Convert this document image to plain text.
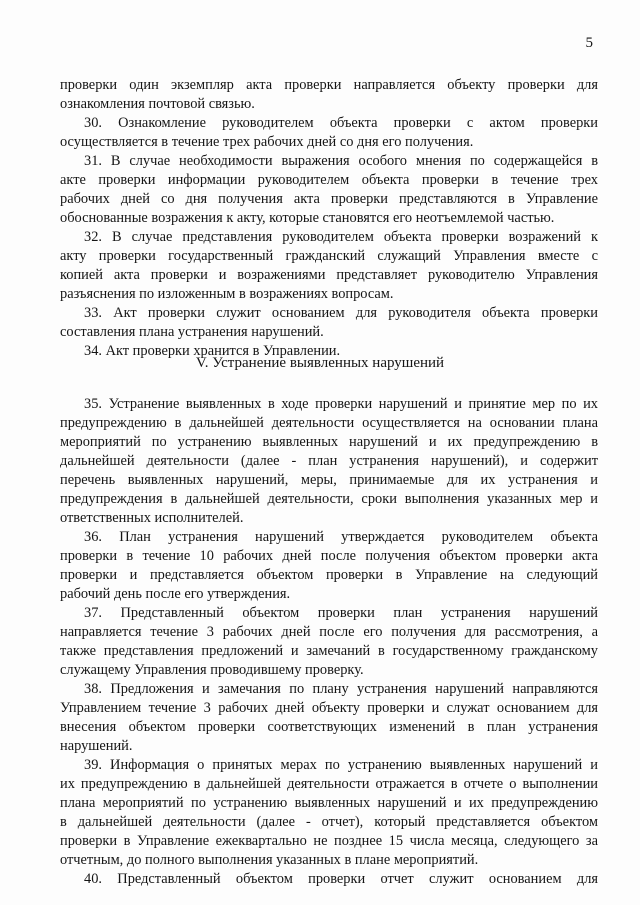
5
проверки один экземпляр акта проверки направляется объекту проверки для
ознакомления почтовой связью.
30. Ознакомление руководителем объекта проверки с актом проверки
осуществляется в течение трех рабочих дней со дня его получения.
31. В случае необходимости выражения особого мнения по содержащейся в
акте проверки информации руководителем объекта проверки в течение трех
рабочих дней со дня получения акта проверки представляются в Управление
обоснованные возражения к акту, которые становятся его неотъемлемой частью.
32. В случае представления руководителем объекта проверки возражений к
акту проверки государственный гражданский служащий Управления вместе с
копией акта проверки и возражениями представляет руководителю Управления
разъяснения по изложенным в возражениях вопросам.
33. Акт проверки служит основанием для руководителя объекта проверки
составления плана устранения нарушений.
34. Акт проверки хранится в Управлении.
V. Устранение выявленных нарушений
35. Устранение выявленных в ходе проверки нарушений и принятие мер по их
предупреждению в дальнейшей деятельности осуществляется на основании плана
мероприятий по устранению выявленных нарушений и их предупреждению в
дальнейшей деятельности (далее - план устранения нарушений), и содержит
перечень выявленных нарушений, меры, принимаемые для их устранения и
предупреждения в дальнейшей деятельности, сроки выполнения указанных мер и
ответственных исполнителей.
36. План устранения нарушений утверждается руководителем объекта
проверки в течение 10 рабочих дней после получения объектом проверки акта
проверки и представляется объектом проверки в Управление на следующий
рабочий день после его утверждения.
37. Представленный объектом проверки план устранения нарушений
направляется течение 3 рабочих дней после его получения для рассмотрения, а
также представления предложений и замечаний в государственному гражданскому
служащему Управления проводившему проверку.
38. Предложения и замечания по плану устранения нарушений направляются
Управлением течение 3 рабочих дней объекту проверки и служат основанием для
внесения объектом проверки соответствующих изменений в план устранения
нарушений.
39. Информация о принятых мерах по устранению выявленных нарушений и
их предупреждению в дальнейшей деятельности отражается в отчете о выполнении
плана мероприятий по устранению выявленных нарушений и их предупреждению
в дальнейшей деятельности (далее - отчет), который представляется объектом
проверки в Управление ежеквартально не позднее 15 числа месяца, следующего за
отчетным, до полного выполнения указанных в плане мероприятий.
40. Представленный объектом проверки отчет служит основанием для
